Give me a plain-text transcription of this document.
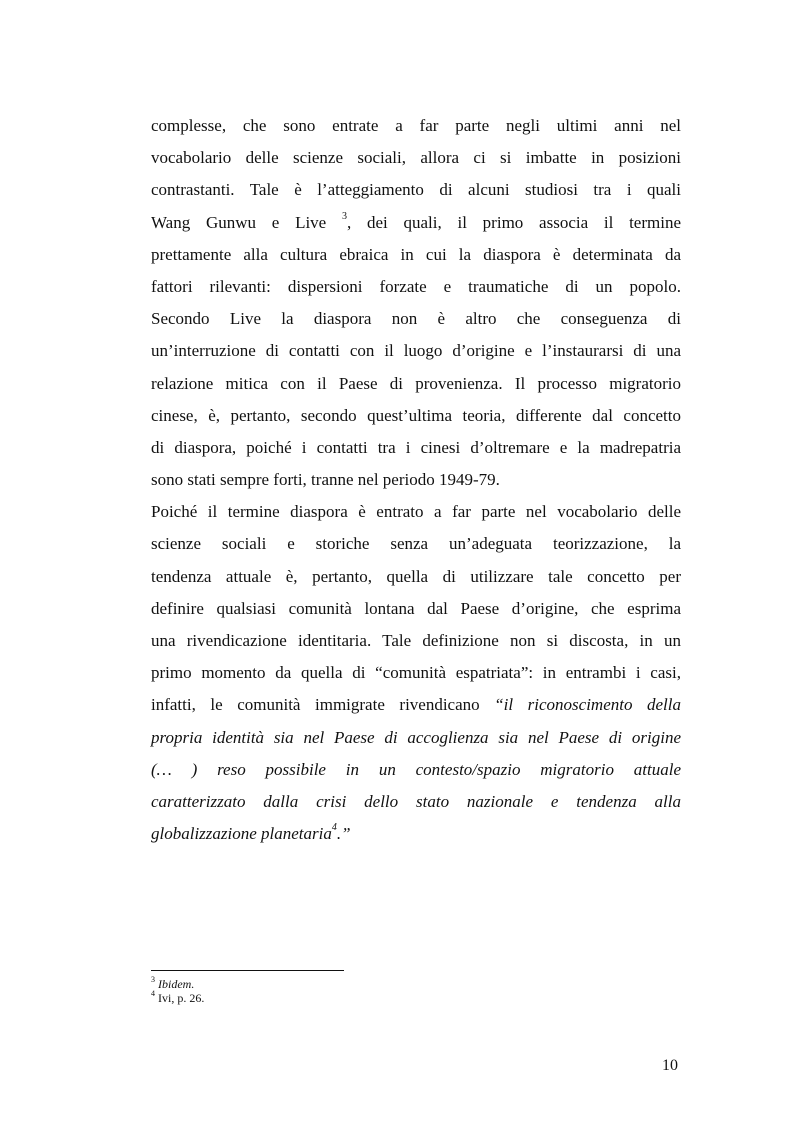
complesse, che sono entrate a far parte negli ultimi anni nel
vocabolario delle scienze sociali, allora ci si imbatte in posizioni
contrastanti. Tale è l’atteggiamento di alcuni studiosi tra i quali
Wang Gunwu e Live $^3$, dei quali, il primo associa il termine
prettamente alla cultura ebraica in cui la diaspora è determinata da
fattori rilevanti: dispersioni forzate e traumatiche di un popolo.
Secondo Live la diaspora non è altro che conseguenza di
un’interruzione di contatti con il luogo d’origine e l’instaurarsi di una
relazione mitica con il Paese di provenienza. Il processo migratorio
cinese, è, pertanto, secondo quest’ultima teoria, differente dal concetto
di diaspora, poiché i contatti tra i cinesi d’oltremare e la madrepatria
sono stati sempre forti, tranne nel periodo 1949-79.
Poiché il termine diaspora è entrato a far parte nel vocabolario delle
scienze sociali e storiche senza un’adeguata teorizzazione, la
tendenza attuale è, pertanto, quella di utilizzare tale concetto per
definire qualsiasi comunità lontana dal Paese d’origine, che esprima
una rivendicazione identitaria. Tale definizione non si discosta, in un
primo momento da quella di “comunità espatriata”: in entrambi i casi,
infatti, le comunità immigrate rivendicano “il riconoscimento della
propria identità sia nel Paese di accoglienza sia nel Paese di origine
(… ) reso possibile in un contesto/spazio migratorio attuale
caratterizzato dalla crisi dello stato nazionale e tendenza alla
globalizzazione planetaria$^4$.”
$^3$ Ibidem.
$^4$ Ivi, p. 26.
10
